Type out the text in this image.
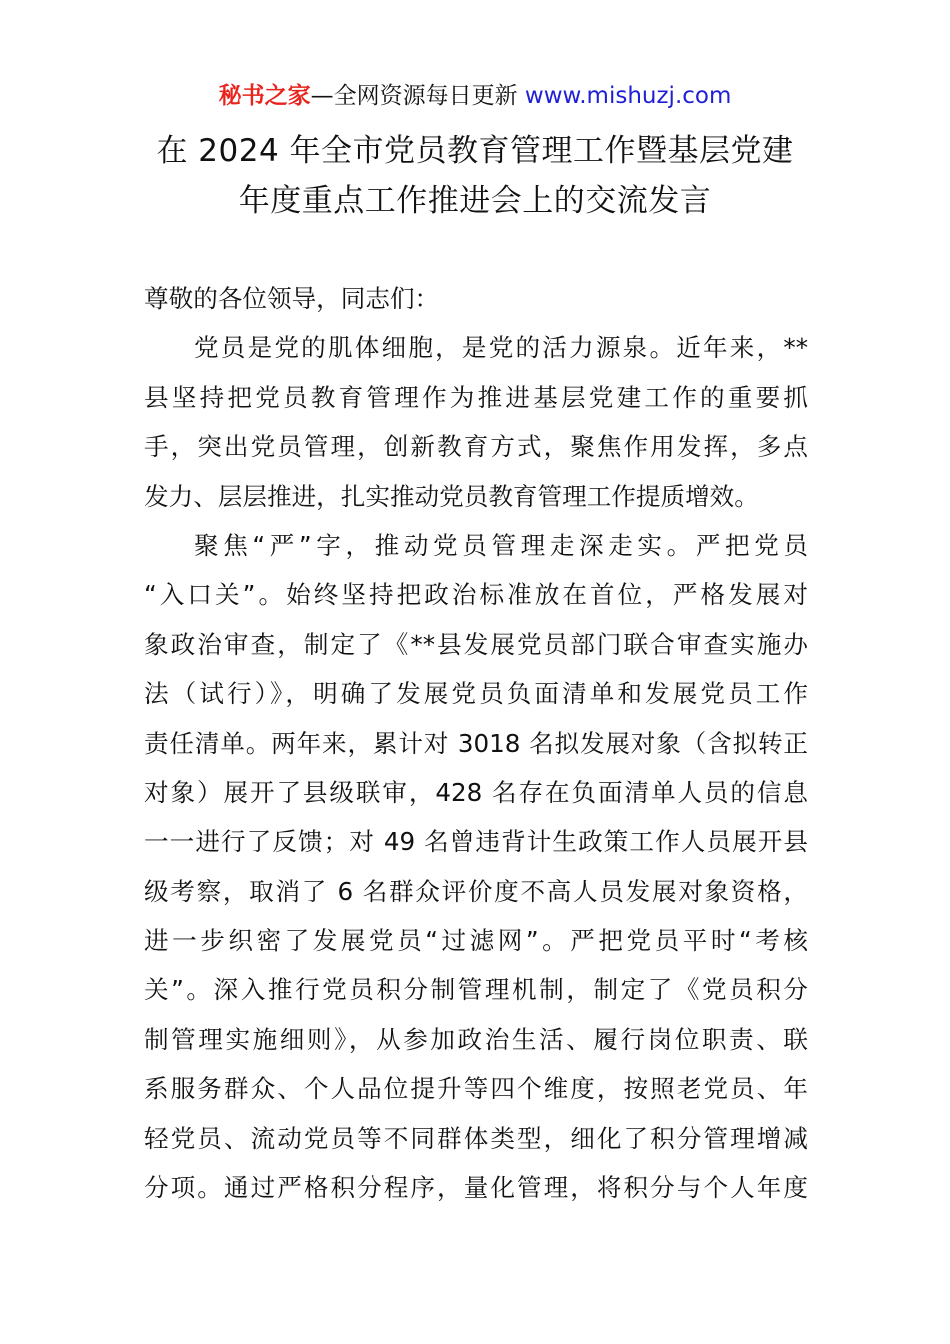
秘书之家—全网资源每日更新 www.mishuzj.com
在 2024 年全市党员教育管理工作暨基层党建
年度重点工作推进会上的交流发言
尊敬的各位领导，同志们：
党员是党的肌体细胞，是党的活力源泉。近年来，**
县坚持把党员教育管理作为推进基层党建工作的重要抓
手，突出党员管理，创新教育方式，聚焦作用发挥，多点
发力、层层推进，扎实推动党员教育管理工作提质增效。
聚焦“严”字，推动党员管理走深走实。严把党员
“入口关”。始终坚持把政治标准放在首位，严格发展对
象政治审查，制定了《**县发展党员部门联合审查实施办
法（试行）》，明确了发展党员负面清单和发展党员工作
责任清单。两年来，累计对 3018 名拟发展对象（含拟转正
对象）展开了县级联审，428 名存在负面清单人员的信息
一一进行了反馈；对 49 名曾违背计生政策工作人员展开县
级考察，取消了 6 名群众评价度不高人员发展对象资格，
进一步织密了发展党员“过滤网”。严把党员平时“考核
关”。深入推行党员积分制管理机制，制定了《党员积分
制管理实施细则》，从参加政治生活、履行岗位职责、联
系服务群众、个人品位提升等四个维度，按照老党员、年
轻党员、流动党员等不同群体类型，细化了积分管理增减
分项。通过严格积分程序，量化管理，将积分与个人年度
